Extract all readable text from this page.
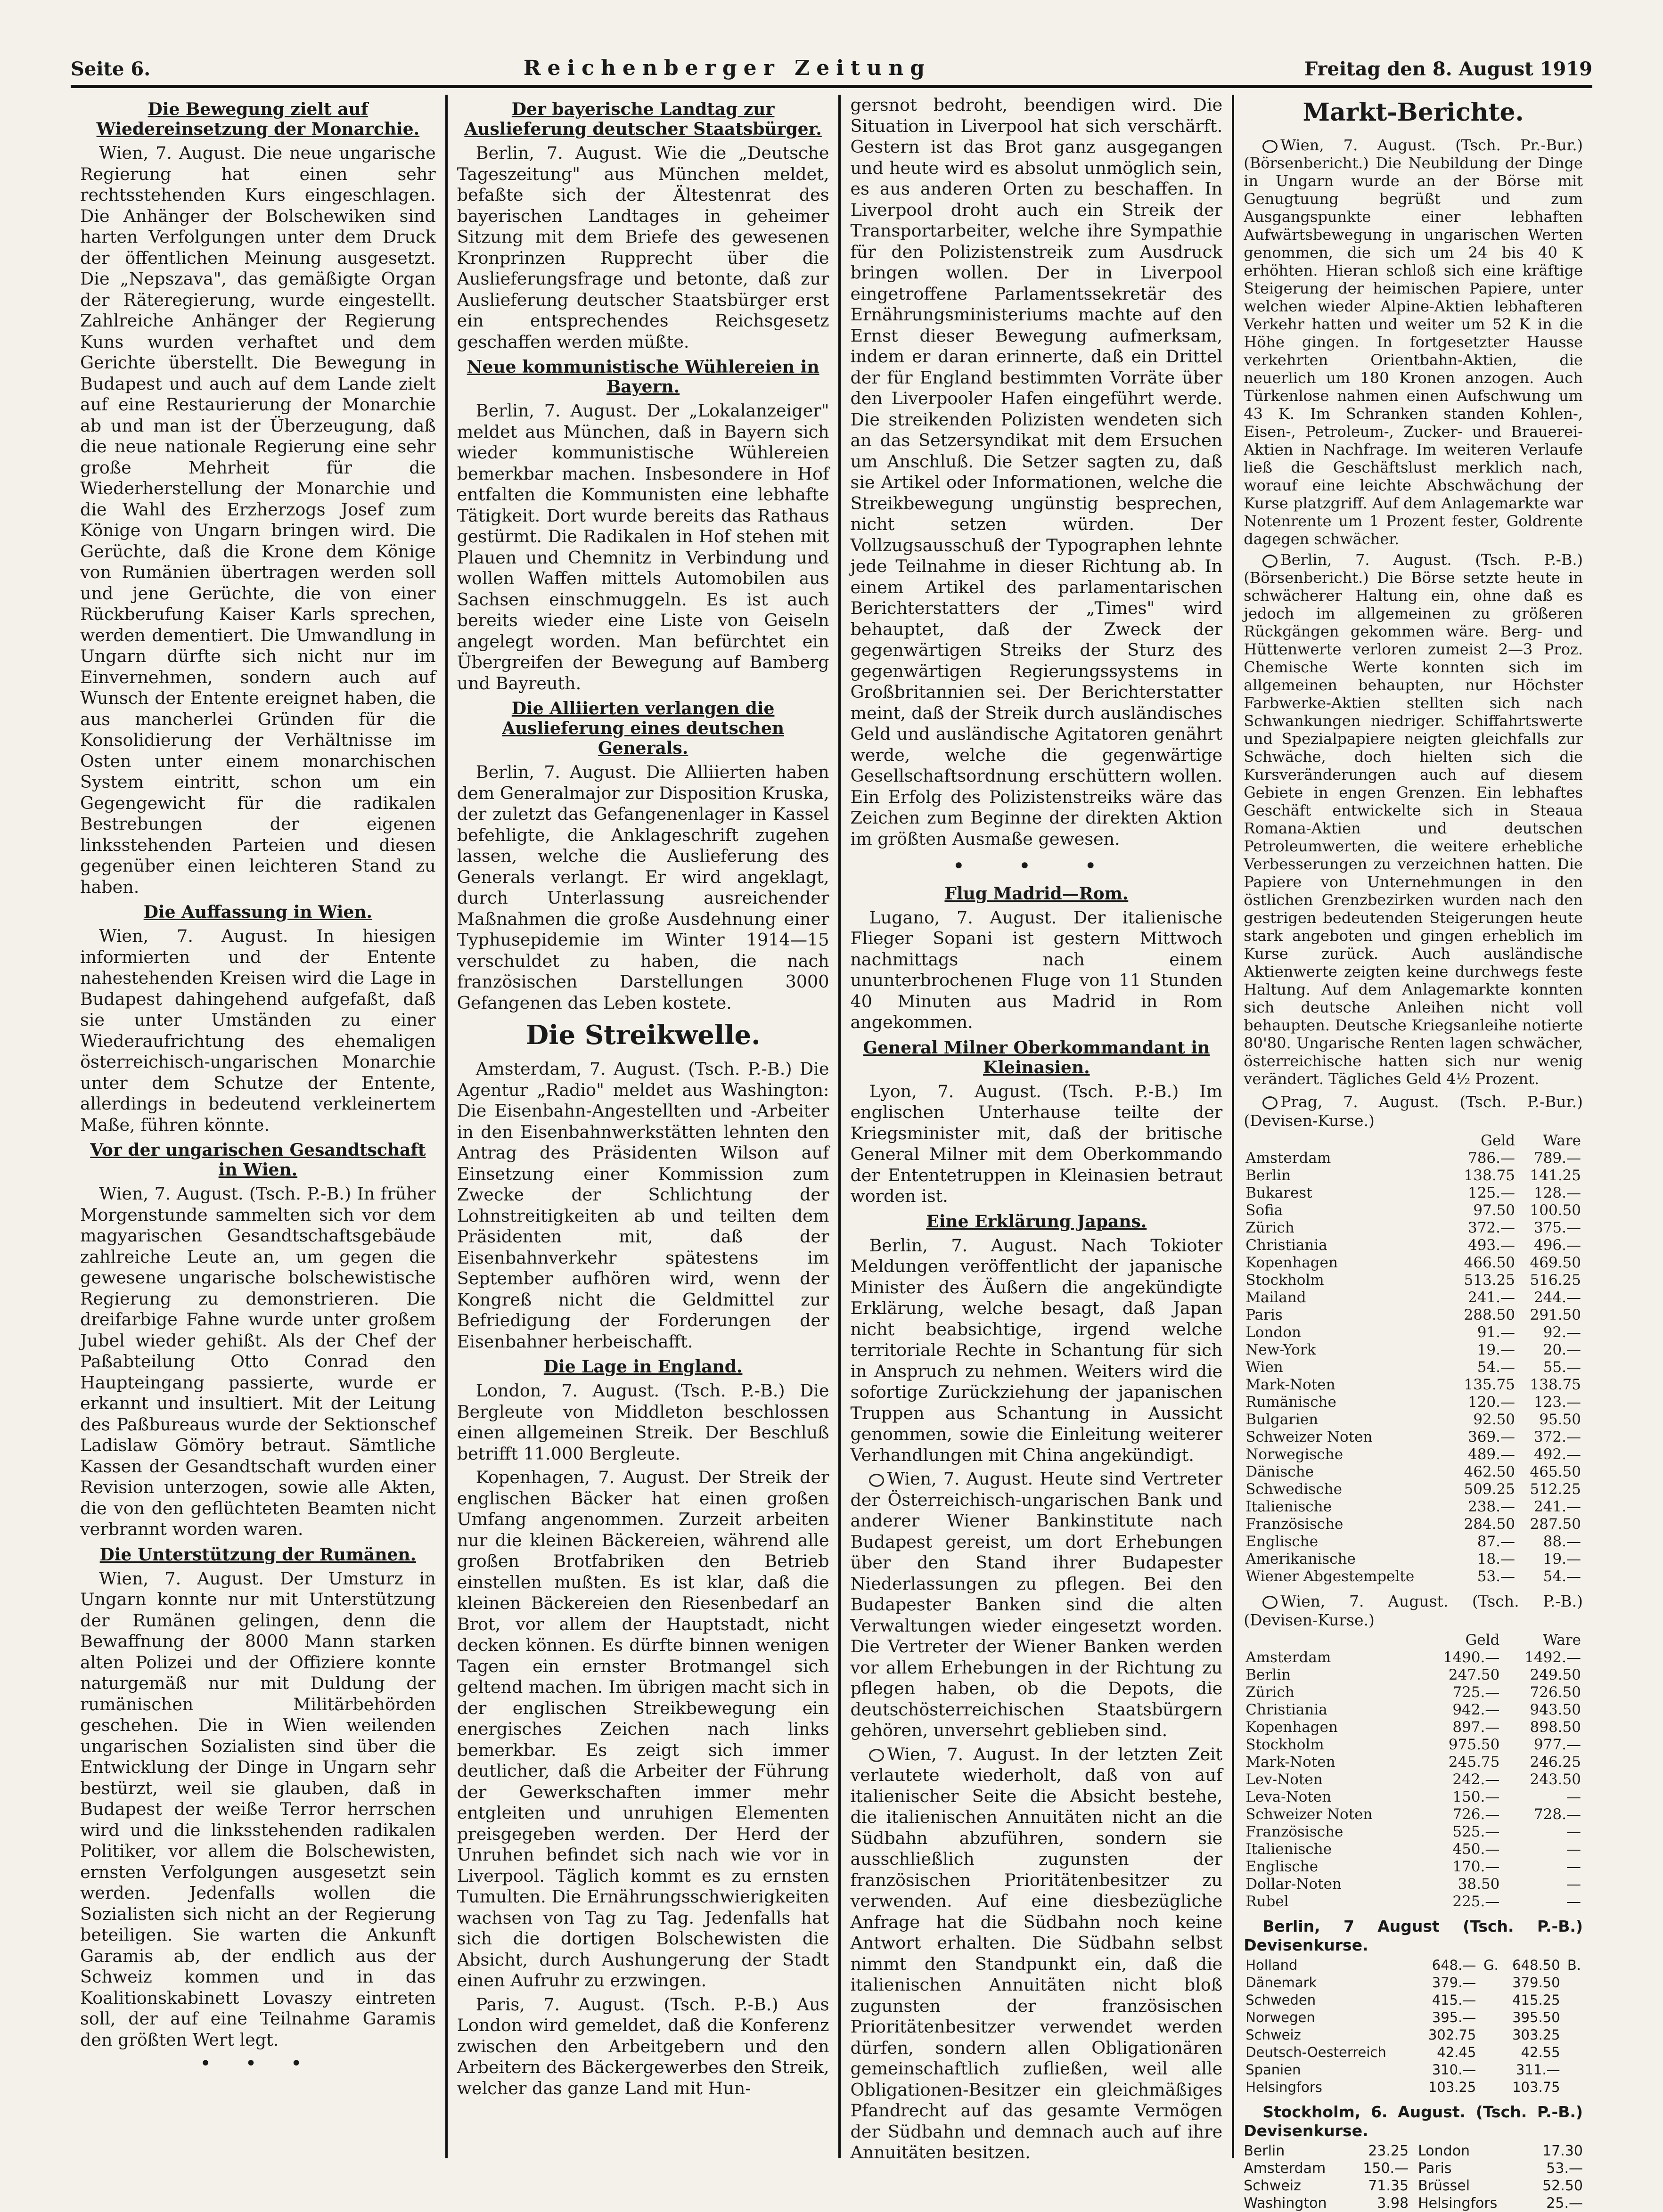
Seite 6.	Reichenberger Zeitung	Freitag den 8. August 1919
Die Bewegung zielt auf Wiedereinsetzung der Monarchie.

Wien, 7. August. Die neue ungarische Regierung hat einen sehr rechtsstehenden Kurs eingeschlagen. Die Anhänger der Bolschewiken sind harten Verfolgungen unter dem Druck der öffentlichen Meinung ausgesetzt. Die „Nepszava", das gemäßigte Organ der Räteregierung, wurde eingestellt. Zahlreiche Anhänger der Regierung Kuns wurden verhaftet und dem Gerichte überstellt. Die Bewegung in Budapest und auch auf dem Lande zielt auf eine Restaurierung der Monarchie ab und man ist der Überzeugung, daß die neue nationale Regierung eine sehr große Mehrheit für die Wiederherstellung der Monarchie und die Wahl des Erzherzogs Josef zum Könige von Ungarn bringen wird. Die Gerüchte, daß die Krone dem Könige von Rumänien übertragen werden soll und jene Gerüchte, die von einer Rückberufung Kaiser Karls sprechen, werden dementiert. Die Umwandlung in Ungarn dürfte sich nicht nur im Einvernehmen, sondern auch auf Wunsch der Entente ereignet haben, die aus mancherlei Gründen für die Konsolidierung der Verhältnisse im Osten unter einem monarchischen System eintritt, schon um ein Gegengewicht für die radikalen Bestrebungen der eigenen linksstehenden Parteien und diesen gegenüber einen leichteren Stand zu haben.

Die Auffassung in Wien.

Wien, 7. August. In hiesigen informierten und der Entente nahestehenden Kreisen wird die Lage in Budapest dahingehend aufgefaßt, daß sie unter Umständen zu einer Wiederaufrichtung des ehemaligen österreichisch-ungarischen Monarchie unter dem Schutze der Entente, allerdings in bedeutend verkleinertem Maße, führen könnte.

Vor der ungarischen Gesandtschaft in Wien.

Wien, 7. August. (Tsch. P.-B.) In früher Morgenstunde sammelten sich vor dem magyarischen Gesandtschaftsgebäude zahlreiche Leute an, um gegen die gewesene ungarische bolschewistische Regierung zu demonstrieren. Die dreifarbige Fahne wurde unter großem Jubel wieder gehißt. Als der Chef der Paßabteilung Otto Conrad den Haupteingang passierte, wurde er erkannt und insultiert. Mit der Leitung des Paßbureaus wurde der Sektionschef Ladislaw Gömöry betraut. Sämtliche Kassen der Gesandtschaft wurden einer Revision unterzogen, sowie alle Akten, die von den geflüchteten Beamten nicht verbrannt worden waren.

Die Unterstützung der Rumänen.

Wien, 7. August. Der Umsturz in Ungarn konnte nur mit Unterstützung der Rumänen gelingen, denn die Bewaffnung der 8000 Mann starken alten Polizei und der Offiziere konnte naturgemäß nur mit Duldung der rumänischen Militärbehörden geschehen. Die in Wien weilenden ungarischen Sozialisten sind über die Entwicklung der Dinge in Ungarn sehr bestürzt, weil sie glauben, daß in Budapest der weiße Terror herrschen wird und die linksstehenden radikalen Politiker, vor allem die Bolschewisten, ernsten Verfolgungen ausgesetzt sein werden. Jedenfalls wollen die Sozialisten sich nicht an der Regierung beteiligen. Sie warten die Ankunft Garamis ab, der endlich aus der Schweiz kommen und in das Koalitionskabinett Lovaszy eintreten soll, der auf eine Teilnahme Garamis den größten Wert legt.

• • •
Der bayerische Landtag zur Auslieferung deutscher Staatsbürger.

Berlin, 7. August. Wie die „Deutsche Tageszeitung" aus München meldet, befaßte sich der Ältestenrat des bayerischen Landtages in geheimer Sitzung mit dem Briefe des gewesenen Kronprinzen Rupprecht über die Auslieferungsfrage und betonte, daß zur Auslieferung deutscher Staatsbürger erst ein entsprechendes Reichsgesetz geschaffen werden müßte.

Neue kommunistische Wühlereien in Bayern.

Berlin, 7. August. Der „Lokalanzeiger" meldet aus München, daß in Bayern sich wieder kommunistische Wühlereien bemerkbar machen. Insbesondere in Hof entfalten die Kommunisten eine lebhafte Tätigkeit. Dort wurde bereits das Rathaus gestürmt. Die Radikalen in Hof stehen mit Plauen und Chemnitz in Verbindung und wollen Waffen mittels Automobilen aus Sachsen einschmuggeln. Es ist auch bereits wieder eine Liste von Geiseln angelegt worden. Man befürchtet ein Übergreifen der Bewegung auf Bamberg und Bayreuth.

Die Alliierten verlangen die Auslieferung eines deutschen Generals.

Berlin, 7. August. Die Alliierten haben dem Generalmajor zur Disposition Kruska, der zuletzt das Gefangenenlager in Kassel befehligte, die Anklageschrift zugehen lassen, welche die Auslieferung des Generals verlangt. Er wird angeklagt, durch Unterlassung ausreichender Maßnahmen die große Ausdehnung einer Typhusepidemie im Winter 1914—15 verschuldet zu haben, die nach französischen Darstellungen 3000 Gefangenen das Leben kostete.

Die Streikwelle.

Amsterdam, 7. August. (Tsch. P.-B.) Die Agentur „Radio" meldet aus Washington: Die Eisenbahn-Angestellten und -Arbeiter in den Eisenbahnwerkstätten lehnten den Antrag des Präsidenten Wilson auf Einsetzung einer Kommission zum Zwecke der Schlichtung der Lohnstreitigkeiten ab und teilten dem Präsidenten mit, daß der Eisenbahnverkehr spätestens im September aufhören wird, wenn der Kongreß nicht die Geldmittel zur Befriedigung der Forderungen der Eisenbahner herbeischafft.

Die Lage in England.

London, 7. August. (Tsch. P.-B.) Die Bergleute von Middleton beschlossen einen allgemeinen Streik. Der Beschluß betrifft 11.000 Bergleute.

Kopenhagen, 7. August. Der Streik der englischen Bäcker hat einen großen Umfang angenommen. Zurzeit arbeiten nur die kleinen Bäckereien, während alle großen Brotfabriken den Betrieb einstellen mußten. Es ist klar, daß die kleinen Bäckereien den Riesenbedarf an Brot, vor allem der Hauptstadt, nicht decken können. Es dürfte binnen wenigen Tagen ein ernster Brotmangel sich geltend machen. Im übrigen macht sich in der englischen Streikbewegung ein energisches Zeichen nach links bemerkbar. Es zeigt sich immer deutlicher, daß die Arbeiter der Führung der Gewerkschaften immer mehr entgleiten und unruhigen Elementen preisgegeben werden. Der Herd der Unruhen befindet sich nach wie vor in Liverpool. Täglich kommt es zu ernsten Tumulten. Die Ernährungsschwierigkeiten wachsen von Tag zu Tag. Jedenfalls hat sich die dortigen Bolschewisten die Absicht, durch Aushungerung der Stadt einen Aufruhr zu erzwingen.

Paris, 7. August. (Tsch. P.-B.) Aus London wird gemeldet, daß die Konferenz zwischen den Arbeitgebern und den Arbeitern des Bäckergewerbes den Streik, welcher das ganze Land mit Hun-

gersnot bedroht, beendigen wird. Die Situation in Liverpool hat sich verschärft. Gestern ist das Brot ganz ausgegangen und heute wird es absolut unmöglich sein, es aus anderen Orten zu beschaffen. In Liverpool droht auch ein Streik der Transportarbeiter, welche ihre Sympathie für den Polizistenstreik zum Ausdruck bringen wollen. Der in Liverpool eingetroffene Parlamentssekretär des Ernährungsministeriums machte auf den Ernst dieser Bewegung aufmerksam, indem er daran erinnerte, daß ein Drittel der für England bestimmten Vorräte über den Liverpooler Hafen eingeführt werde. Die streikenden Polizisten wendeten sich an das Setzersyndikat mit dem Ersuchen um Anschluß. Die Setzer sagten zu, daß sie Artikel oder Informationen, welche die Streikbewegung ungünstig besprechen, nicht setzen würden. Der Vollzugsausschuß der Typographen lehnte jede Teilnahme in dieser Richtung ab. In einem Artikel des parlamentarischen Berichterstatters der „Times" wird behauptet, daß der Zweck der gegenwärtigen Streiks der Sturz des gegenwärtigen Regierungssystems in Großbritannien sei. Der Berichterstatter meint, daß der Streik durch ausländisches Geld und ausländische Agitatoren genährt werde, welche die gegenwärtige Gesellschaftsordnung erschüttern wollen. Ein Erfolg des Polizistenstreiks wäre das Zeichen zum Beginne der direkten Aktion im größten Ausmaße gewesen.

• • •
Flug Madrid—Rom.

Lugano, 7. August. Der italienische Flieger Sopani ist gestern Mittwoch nachmittags nach einem ununterbrochenen Fluge von 11 Stunden 40 Minuten aus Madrid in Rom angekommen.

General Milner Oberkommandant in Kleinasien.

Lyon, 7. August. (Tsch. P.-B.) Im englischen Unterhause teilte der Kriegsminister mit, daß der britische General Milner mit dem Oberkommando der Ententetruppen in Kleinasien betraut worden ist.

Eine Erklärung Japans.

Berlin, 7. August. Nach Tokioter Meldungen veröffentlicht der japanische Minister des Äußern die angekündigte Erklärung, welche besagt, daß Japan nicht beabsichtige, irgend welche territoriale Rechte in Schantung für sich in Anspruch zu nehmen. Weiters wird die sofortige Zurückziehung der japanischen Truppen aus Schantung in Aussicht genommen, sowie die Einleitung weiterer Verhandlungen mit China angekündigt.

Wien, 7. August. Heute sind Vertreter der Österreichisch-ungarischen Bank und anderer Wiener Bankinstitute nach Budapest gereist, um dort Erhebungen über den Stand ihrer Budapester Niederlassungen zu pflegen. Bei den Budapester Banken sind die alten Verwaltungen wieder eingesetzt worden. Die Vertreter der Wiener Banken werden vor allem Erhebungen in der Richtung zu pflegen haben, ob die Depots, die deutschösterreichischen Staatsbürgern gehören, unversehrt geblieben sind.

Wien, 7. August. In der letzten Zeit verlautete wiederholt, daß von auf italienischer Seite die Absicht bestehe, die italienischen Annuitäten nicht an die Südbahn abzuführen, sondern sie ausschließlich zugunsten der französischen Prioritätenbesitzer zu verwenden. Auf eine diesbezügliche Anfrage hat die Südbahn noch keine Antwort erhalten. Die Südbahn selbst nimmt den Standpunkt ein, daß die italienischen Annuitäten nicht bloß zugunsten der französischen Prioritätenbesitzer verwendet werden dürfen, sondern allen Obligationären gemeinschaftlich zufließen, weil alle Obligationen-Besitzer ein gleichmäßiges Pfandrecht auf das gesamte Vermögen der Südbahn und demnach auch auf ihre Annuitäten besitzen.

Markt-Berichte.

Wien, 7. August. (Tsch. Pr.-Bur.) (Börsenbericht.) Die Neubildung der Dinge in Ungarn wurde an der Börse mit Genugtuung begrüßt und zum Ausgangspunkte einer lebhaften Aufwärtsbewegung in ungarischen Werten genommen, die sich um 24 bis 40 K erhöhten. Hieran schloß sich eine kräftige Steigerung der heimischen Papiere, unter welchen wieder Alpine-Aktien lebhafteren Verkehr hatten und weiter um 52 K in die Höhe gingen. In fortgesetzter Hausse verkehrten Orientbahn-Aktien, die neuerlich um 180 Kronen anzogen. Auch Türkenlose nahmen einen Aufschwung um 43 K. Im Schranken standen Kohlen-, Eisen-, Petroleum-, Zucker- und Brauerei-Aktien in Nachfrage. Im weiteren Verlaufe ließ die Geschäftslust merklich nach, worauf eine leichte Abschwächung der Kurse platzgriff. Auf dem Anlagemarkte war Notenrente um 1 Prozent fester, Goldrente dagegen schwächer.

Berlin, 7. August. (Tsch. P.-B.) (Börsenbericht.) Die Börse setzte heute in schwächerer Haltung ein, ohne daß es jedoch im allgemeinen zu größeren Rückgängen gekommen wäre. Berg- und Hüttenwerte verloren zumeist 2—3 Proz. Chemische Werte konnten sich im allgemeinen behaupten, nur Höchster Farbwerke-Aktien stellten sich nach Schwankungen niedriger. Schiffahrtswerte und Spezialpapiere neigten gleichfalls zur Schwäche, doch hielten sich die Kursveränderungen auch auf diesem Gebiete in engen Grenzen. Ein lebhaftes Geschäft entwickelte sich in Steaua Romana-Aktien und deutschen Petroleumwerten, die weitere erhebliche Verbesserungen zu verzeichnen hatten. Die Papiere von Unternehmungen in den östlichen Grenzbezirken wurden nach den gestrigen bedeutenden Steigerungen heute stark angeboten und gingen erheblich im Kurse zurück. Auch ausländische Aktienwerte zeigten keine durchwegs feste Haltung. Auf dem Anlagemarkte konnten sich deutsche Anleihen nicht voll behaupten. Deutsche Kriegsanleihe notierte 80'80. Ungarische Renten lagen schwächer, österreichische hatten sich nur wenig verändert. Tägliches Geld 4½ Prozent.

Prag, 7. August. (Tsch. P.-Bur.) (Devisen-Kurse.)
	Geld	Ware
Amsterdam	786.—	789.—
Berlin	138.75	141.25
Bukarest	125.—	128.—
Sofia	97.50	100.50
Zürich	372.—	375.—
Christiania	493.—	496.—
Kopenhagen	466.50	469.50
Stockholm	513.25	516.25
Mailand	241.—	244.—
Paris	288.50	291.50
London	91.—	92.—
New-York	19.—	20.—
Wien	54.—	55.—
Mark-Noten	135.75	138.75
Rumänische	120.—	123.—
Bulgarien	92.50	95.50
Schweizer Noten	369.—	372.—
Norwegische	489.—	492.—
Dänische	462.50	465.50
Schwedische	509.25	512.25
Italienische	238.—	241.—
Französische	284.50	287.50
Englische	87.—	88.—
Amerikanische	18.—	19.—
Wiener Abgestempelte	53.—	54.—
Wien, 7. August. (Tsch. P.-B.) (Devisen-Kurse.)
	Geld	Ware
Amsterdam	1490.—	1492.—
Berlin	247.50	249.50
Zürich	725.—	726.50
Christiania	942.—	943.50
Kopenhagen	897.—	898.50
Stockholm	975.50	977.—
Mark-Noten	245.75	246.25
Lev-Noten	242.—	243.50
Leva-Noten	150.—	—
Schweizer Noten	726.—	728.—
Französische	525.—	—
Italienische	450.—	—
Englische	170.—	—
Dollar-Noten	38.50	—
Rubel	225.—	—
Berlin, 7 August (Tsch. P.-B.) Devisenkurse.
Holland	648.—	G.	648.50	B.
Dänemark	379.—		379.50	
Schweden	415.—		415.25	
Norwegen	395.—		395.50	
Schweiz	302.75		303.25	
Deutsch-Oesterreich	42.45		42.55	
Spanien	310.—		311.—	
Helsingfors	103.25		103.75	
Stockholm, 6. August. (Tsch. P.-B.) Devisenkurse.
Berlin	23.25 London	17.30
Amsterdam	150.— Paris	53.—
Schweiz	71.35 Brüssel	52.50
Washington	3.98 Helsingfors	25.—
